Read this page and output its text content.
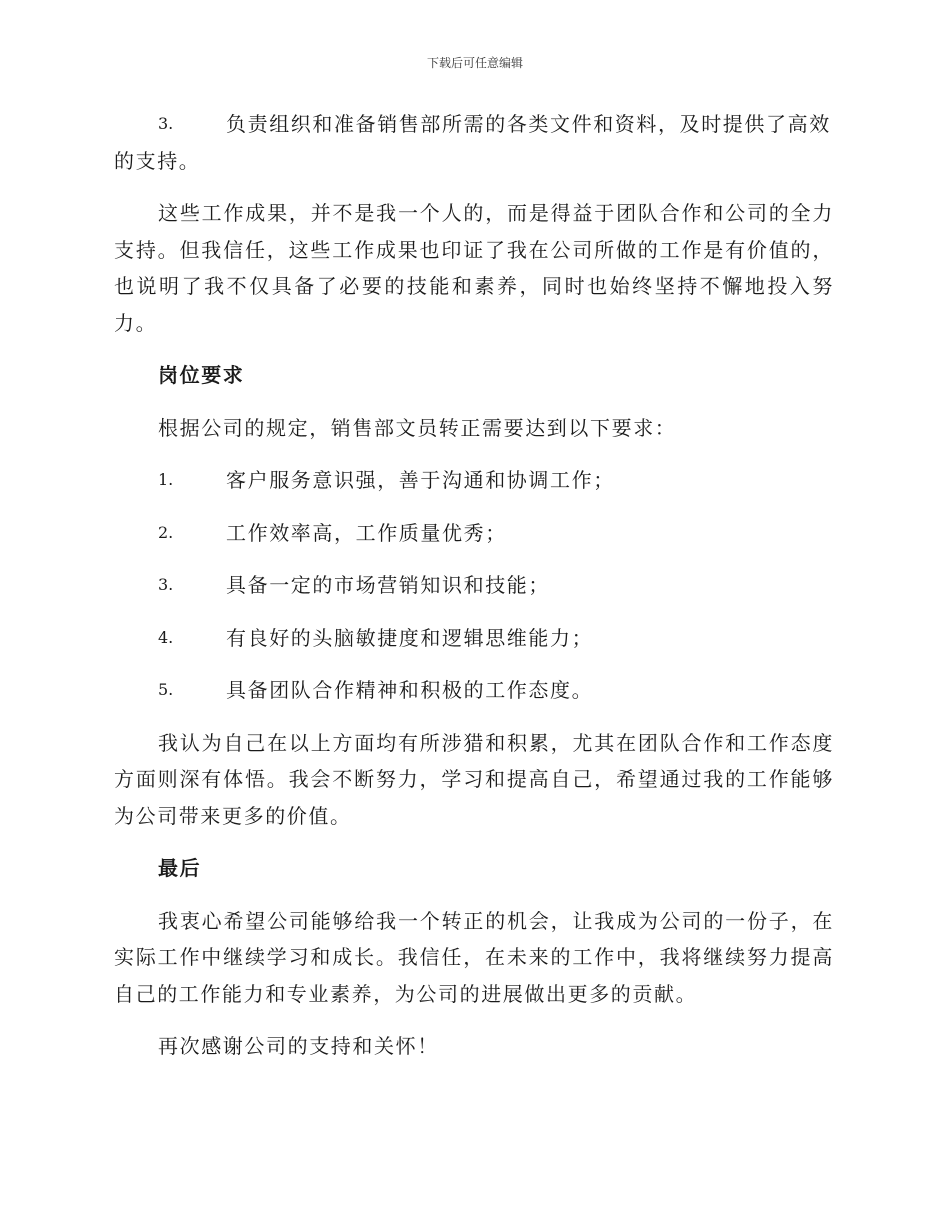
下载后可任意编辑
3.	负责组织和准备销售部所需的各类文件和资料，及时提供了高效的支持。

这些工作成果，并不是我一个人的，而是得益于团队合作和公司的全力支持。但我信任，这些工作成果也印证了我在公司所做的工作是有价值的，也说明了我不仅具备了必要的技能和素养，同时也始终坚持不懈地投入努力。

岗位要求

根据公司的规定，销售部文员转正需要达到以下要求：

1.	客户服务意识强，善于沟通和协调工作；
2.	工作效率高，工作质量优秀；
3.	具备一定的市场营销知识和技能；
4.	有良好的头脑敏捷度和逻辑思维能力；
5.	具备团队合作精神和积极的工作态度。

我认为自己在以上方面均有所涉猎和积累，尤其在团队合作和工作态度方面则深有体悟。我会不断努力，学习和提高自己，希望通过我的工作能够为公司带来更多的价值。

最后

我衷心希望公司能够给我一个转正的机会，让我成为公司的一份子，在实际工作中继续学习和成长。我信任，在未来的工作中，我将继续努力提高自己的工作能力和专业素养，为公司的进展做出更多的贡献。

再次感谢公司的支持和关怀！
